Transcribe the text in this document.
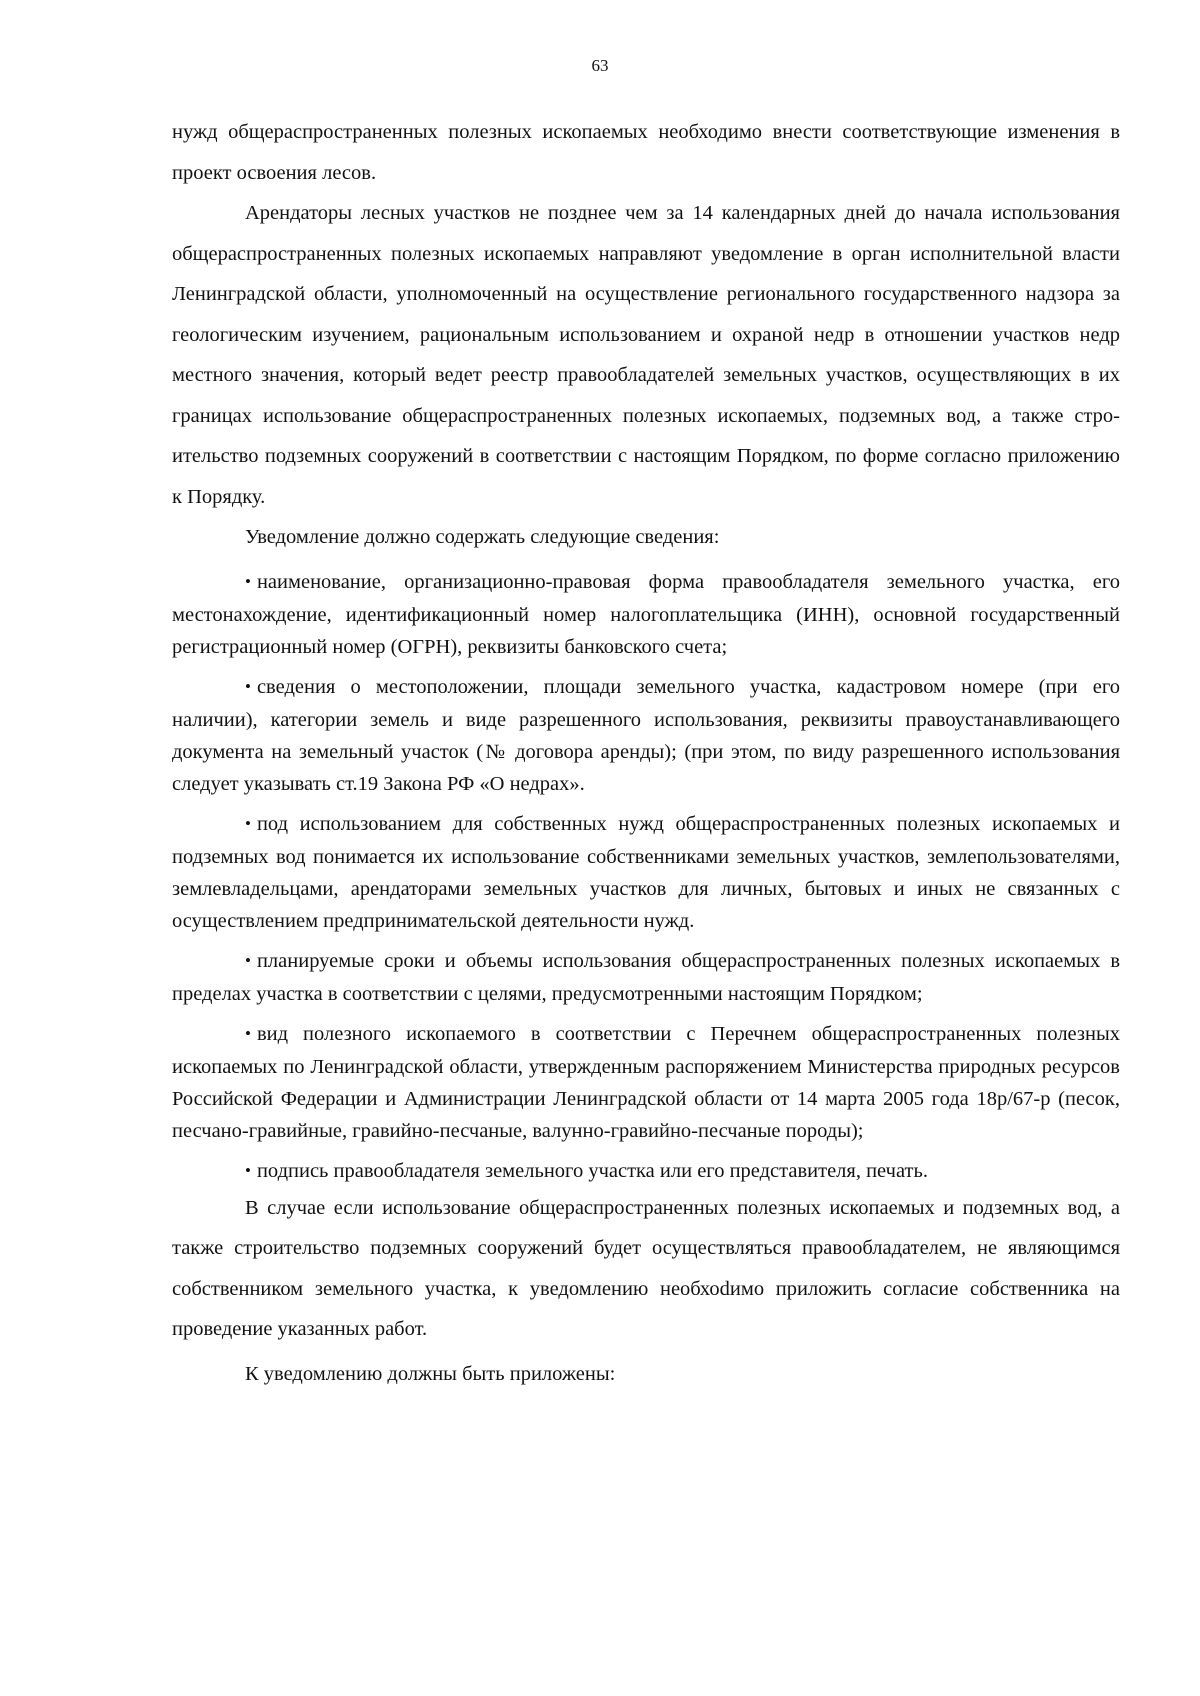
63

нужд общераспространенных полезных ископаемых необходимо внести соответствующие изменения в проект освоения лесов.

Арендаторы лесных участков не позднее чем за 14 календарных дней до начала использования общераспространенных полезных ископаемых направляют уведомление в орган исполнительной власти Ленинградской области, уполномоченный на осуществление регионального государственного надзора за геологическим изучением, рациональным использованием и охраной недр в отношении участков недр местного значения, который ведет реестр правообладателей земельных участков, осуществляющих в их границах использование общераспространенных полезных ископаемых, подземных вод, а также строительство подземных сооружений в соответствии с настоящим Порядком, по форме согласно приложению к Порядку.

Уведомление должно содержать следующие сведения:

• наименование, организационно-правовая форма правообладателя земельного участка, его местонахождение, идентификационный номер налогоплательщика (ИНН), основной государственный регистрационный номер (ОГРН), реквизиты банковского счета;

• сведения о местоположении, площади земельного участка, кадастровом номере (при его наличии), категории земель и виде разрешенного использования, реквизиты правоустанавливающего документа на земельный участок (№ договора аренды); (при этом, по виду разрешенного использования следует указывать ст.19 Закона РФ «О недрах».

• под использованием для собственных нужд общераспространенных полезных ископаемых и подземных вод понимается их использование собственниками земельных участков, землепользователями, землевладельцами, арендаторами земельных участков для личных, бытовых и иных не связанных с осуществлением предпринимательской деятельности нужд.

• планируемые сроки и объемы использования общераспространенных полезных ископаемых в пределах участка в соответствии с целями, предусмотренными настоящим Порядком;

• вид полезного ископаемого в соответствии с Перечнем общераспространенных полезных ископаемых по Ленинградской области, утвержденным распоряжением Министерства природных ресурсов Российской Федерации и Администрации Ленинградской области от 14 марта 2005 года 18р/67-р (песок, песчано-гравийные, гравийно-песчаные, валунно-гравийно-песчаные породы);

• подпись правообладателя земельного участка или его представителя, печать.

В случае если использование общераспространенных полезных ископаемых и подземных вод, а также строительство подземных сооружений будет осуществляться правообладателем, не являющимся собственником земельного участка, к уведомлению необхоdимо приложить согласие собственника на проведение указанных работ.

К уведомлению должны быть приложены:
